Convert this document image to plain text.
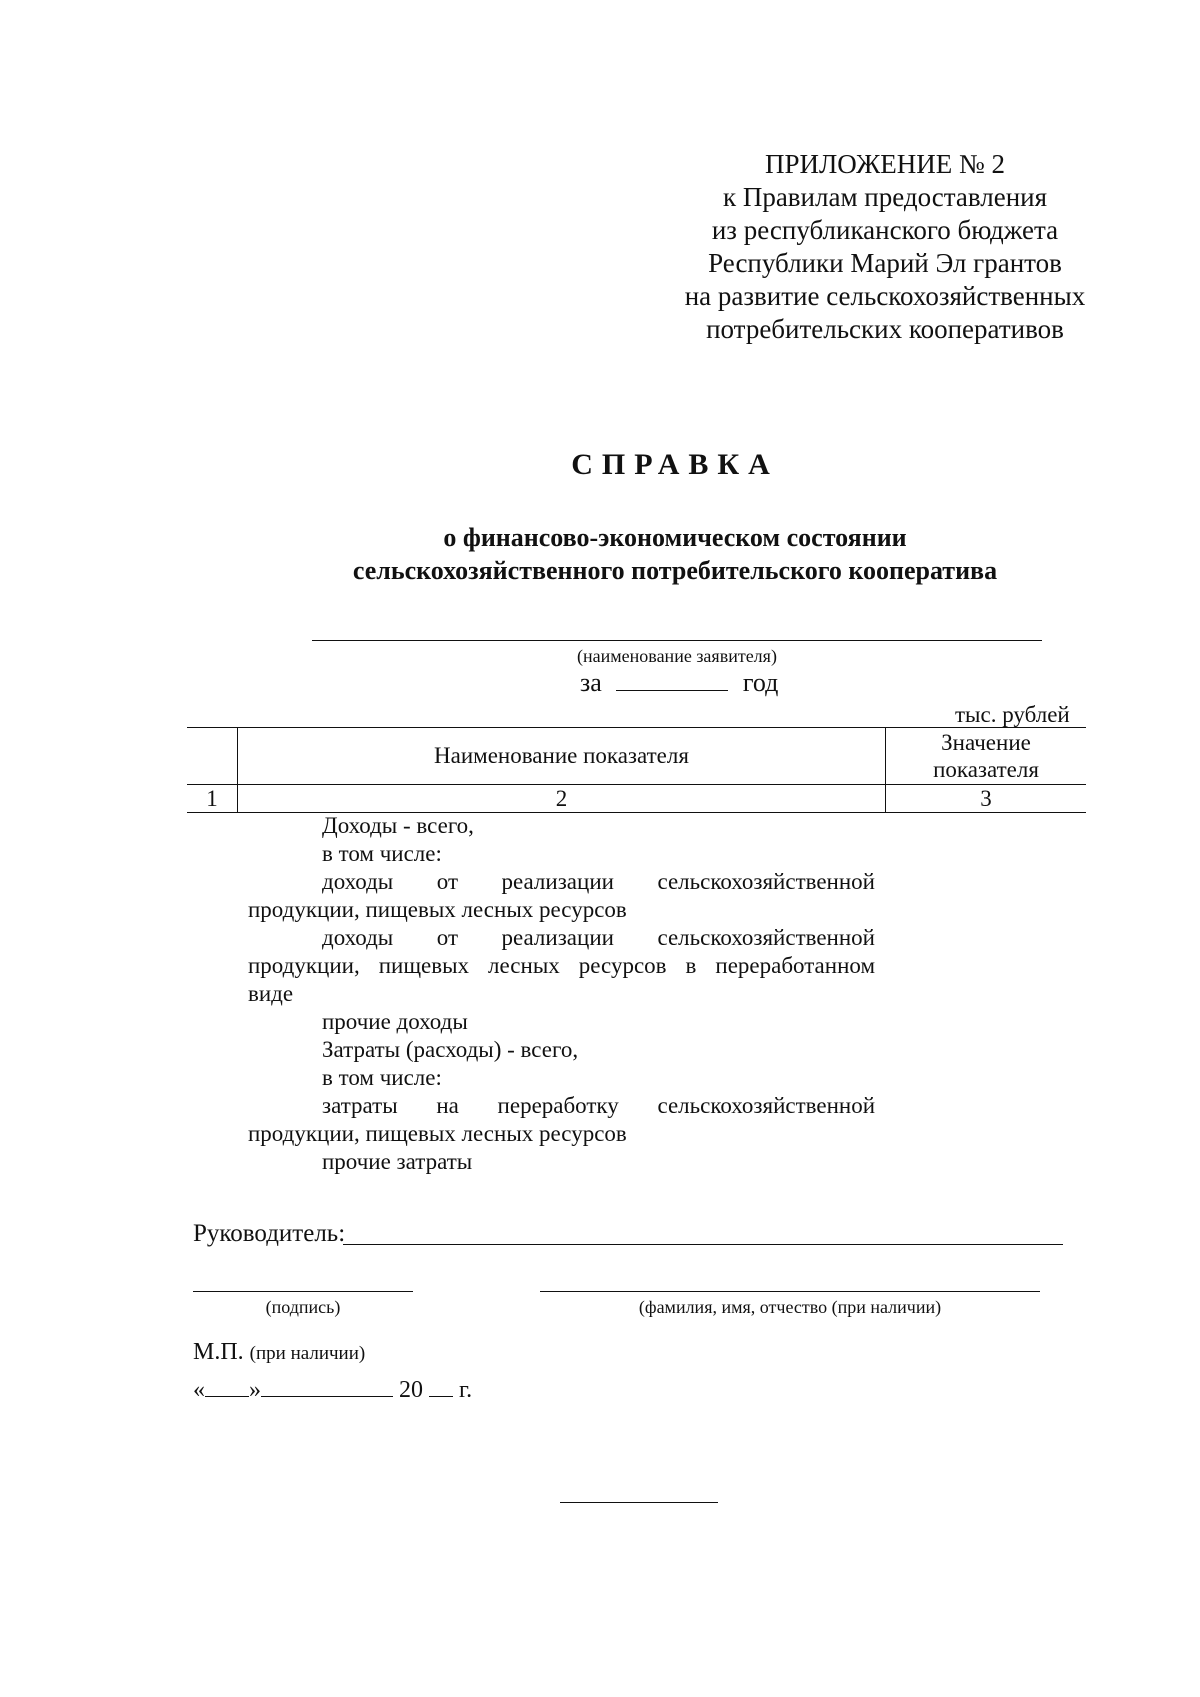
ПРИЛОЖЕНИЕ № 2
к Правилам предоставления
из республиканского бюджета
Республики Марий Эл грантов
на развитие сельскохозяйственных
потребительских кооперативов
СПРАВКА
о финансово-экономическом состоянии
сельскохозяйственного потребительского кооператива
(наименование заявителя)
за	год
тыс. рублей
	Наименование показателя	Значение
показателя

1	2	3
Доходы - всего,
в том числе:
доходы от реализации сельскохозяйственной
продукции, пищевых лесных ресурсов
доходы от реализации сельскохозяйственной
продукции, пищевых лесных ресурсов в переработанном
виде
прочие доходы
Затраты (расходы) - всего,
в том числе:
затраты на переработку сельскохозяйственной
продукции, пищевых лесных ресурсов
прочие затраты
Руководитель:
(подпись)	(фамилия, имя, отчество (при наличии)
М.П. (при наличии)
« »	20 г.
